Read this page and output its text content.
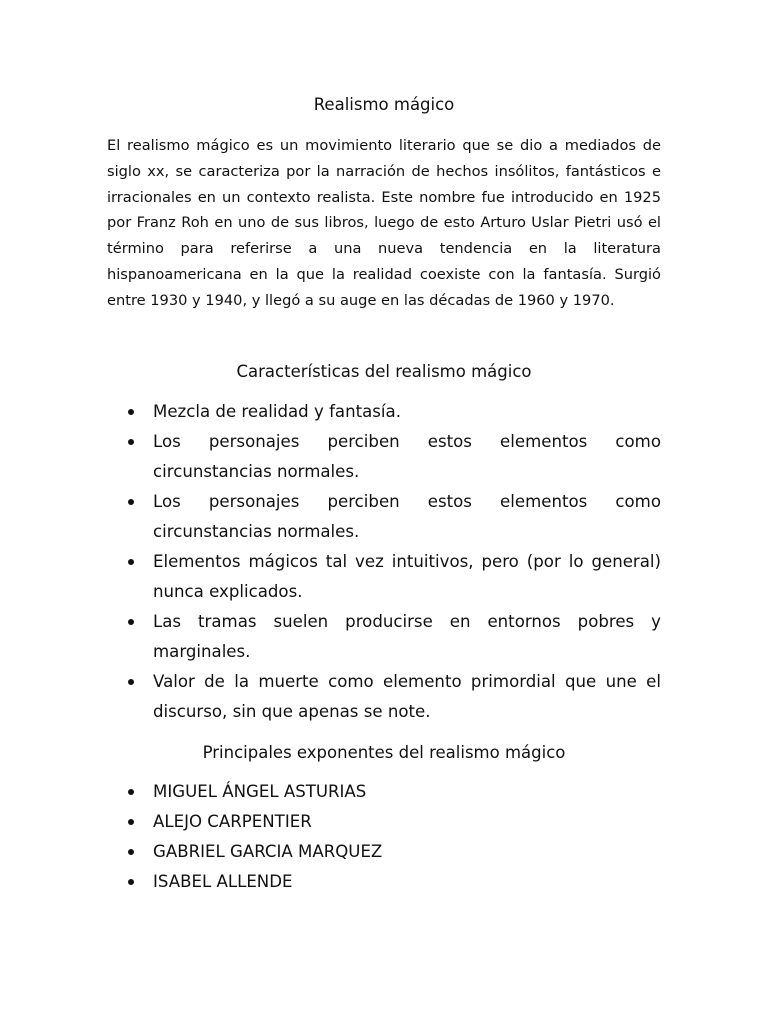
Realismo mágico

El realismo mágico es un movimiento literario que se dio a mediados de siglo xx, se caracteriza por la narración de hechos insólitos, fantásticos e irracionales en un contexto realista. Este nombre fue introducido en 1925 por Franz Roh en uno de sus libros, luego de esto Arturo Uslar Pietri usó el término para referirse a una nueva tendencia en la literatura hispanoamericana en la que la realidad coexiste con la fantasía. Surgió entre 1930 y 1940, y llegó a su auge en las décadas de 1960 y 1970.

Características del realismo mágico
Mezcla de realidad y fantasía.
Los personajes perciben estos elementos como circunstancias normales.
Los personajes perciben estos elementos como circunstancias normales.
Elementos mágicos tal vez intuitivos, pero (por lo general) nunca explicados.
Las tramas suelen producirse en entornos pobres y marginales.
Valor de la muerte como elemento primordial que une el discurso, sin que apenas se note.
Principales exponentes del realismo mágico
MIGUEL ÁNGEL ASTURIAS
ALEJO CARPENTIER
GABRIEL GARCIA MARQUEZ
ISABEL ALLENDE
